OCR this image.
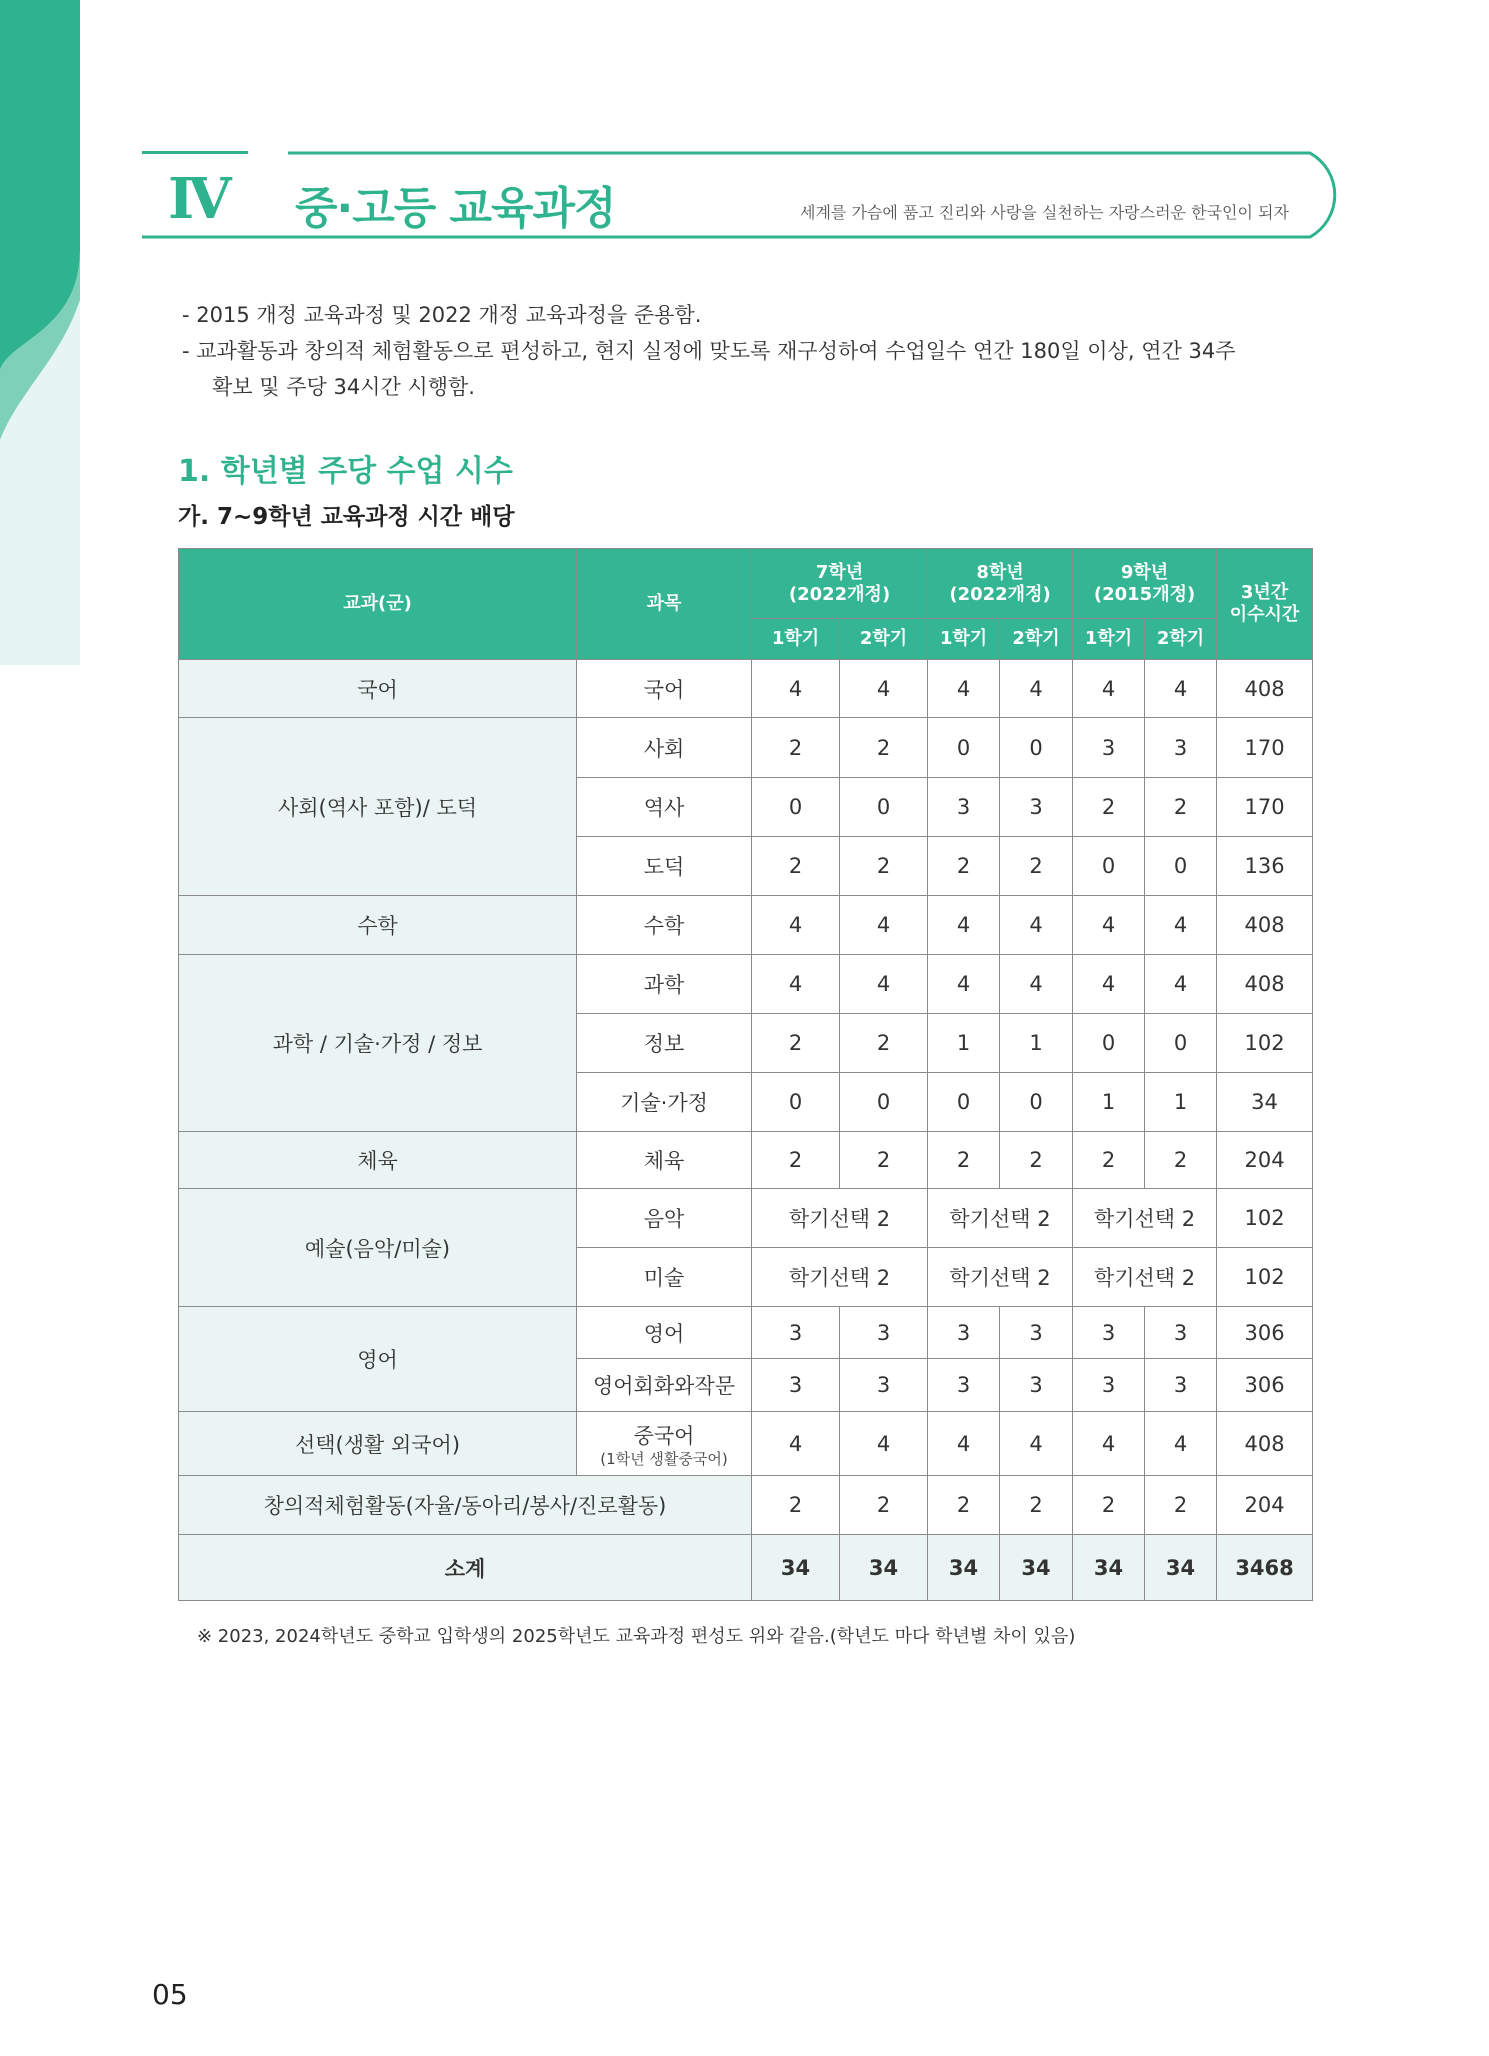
Ⅳ 중·고등 교육과정	세계를 가슴에 품고 진리와 사랑을 실천하는 자랑스러운 한국인이 되자

- 2015 개정 교육과정 및 2022 개정 교육과정을 준용함.

- 교과활동과 창의적 체험활동으로 편성하고, 현지 실정에 맞도록 재구성하여 수업일수 연간 180일 이상, 연간 34주

확보 및 주당 34시간 시행함.

1. 학년별 주당 수업 시수
가. 7~9학년 교육과정 시간 배당
교과(군)	과목	7학년
(2022개정)		8학년
(2022개정)		9학년
(2015개정)		3년간
이수시간
		1학기	2학기	1학기	2학기	1학기	2학기	
국어	국어	4	4	4	4	4	4	408
사회(역사 포함)/ 도덕	사회	2	2	0	0	3	3	170
	역사	0	0	3	3	2	2	170
	도덕	2	2	2	2	0	0	136
수학	수학	4	4	4	4	4	4	408
과학 / 기술·가정 / 정보	과학	4	4	4	4	4	4	408
	정보	2	2	1	1	0	0	102
	기술·가정	0	0	0	0	1	1	34
체육	체육	2	2	2	2	2	2	204
예술(음악/미술)	음악	학기선택 2		학기선택 2		학기선택 2		102
	미술	학기선택 2		학기선택 2		학기선택 2		102
영어	영어	3	3	3	3	3	3	306
	영어회화와작문	3	3	3	3	3	3	306
선택(생활 외국어)	중국어
(1학년 생활중국어)	4	4	4	4	4	4	408
창의적체험활동(자율/동아리/봉사/진로활동)		2	2	2	2	2	2	204
소계		34	34	34	34	34	34	3468
※ 2023, 2024학년도 중학교 입학생의 2025학년도 교육과정 편성도 위와 같음.(학년도 마다 학년별 차이 있음)
05
